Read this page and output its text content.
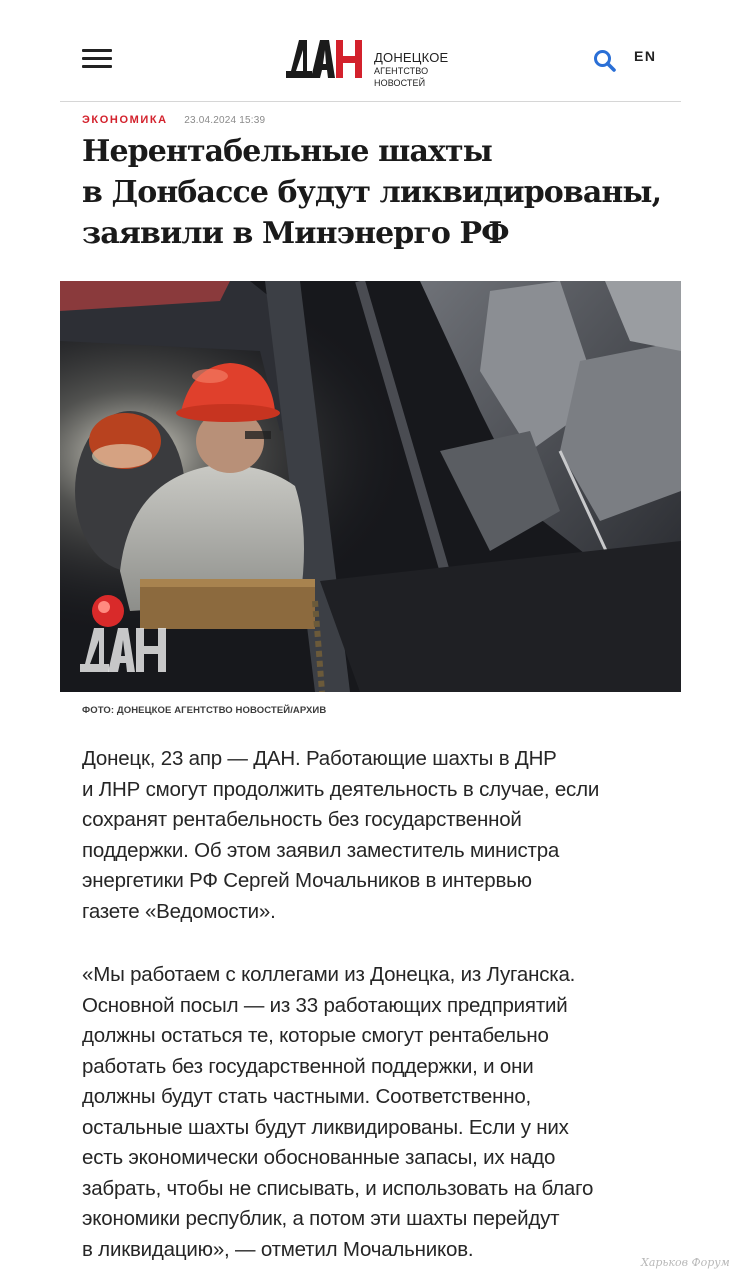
ДОНЕЦКОЕ
АГЕНТСТВО НОВОСТЕЙ
EN
ЭКОНОМИКА 23.04.2024 15:39
Нерентабельные шахты
в Донбассе будут ликвидированы,
заявили в Минэнерго РФ
ФОТО: ДОНЕЦКОЕ АГЕНТСТВО НОВОСТЕЙ/АРХИВ
Донецк, 23 апр — ДАН. Работающие шахты в ДНР
и ЛНР смогут продолжить деятельность в случае, если
сохранят рентабельность без государственной
поддержки. Об этом заявил заместитель министра
энергетики РФ Сергей Мочальников в интервью
газете «Ведомости».
«Мы работаем с коллегами из Донецка, из Луганска.
Основной посыл — из 33 работающих предприятий
должны остаться те, которые смогут рентабельно
работать без государственной поддержки, и они
должны будут стать частными. Соответственно,
остальные шахты будут ликвидированы. Если у них
есть экономически обоснованные запасы, их надо
забрать, чтобы не списывать, и использовать на благо
экономики республик, а потом эти шахты перейдут
в ликвидацию», — отметил Мочальников.
Харьков Форум
